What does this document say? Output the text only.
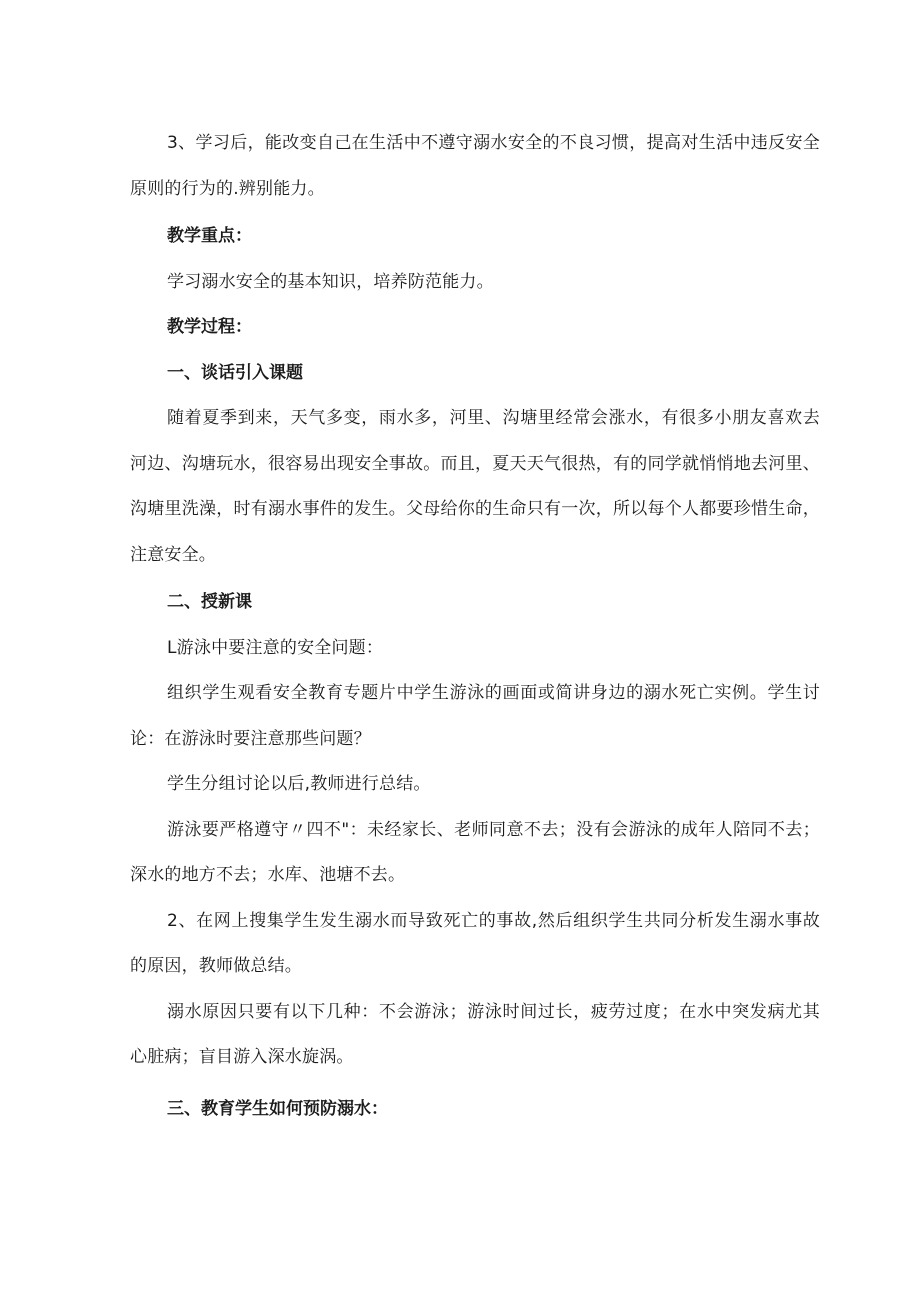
3、学习后，能改变自己在生活中不遵守溺水安全的不良习惯，提高对生活中违反安全原则的行为的.辨别能力。

教学重点：

学习溺水安全的基本知识，培养防范能力。

教学过程：

一、谈话引入课题

随着夏季到来，天气多变，雨水多，河里、沟塘里经常会涨水，有很多小朋友喜欢去河边、沟塘玩水，很容易出现安全事故。而且，夏天天气很热，有的同学就悄悄地去河里、沟塘里洗澡，时有溺水事件的发生。父母给你的生命只有一次，所以每个人都要珍惜生命，注意安全。

二、授新课

L游泳中要注意的安全问题：

组织学生观看安全教育专题片中学生游泳的画面或简讲身边的溺水死亡实例。学生讨论：在游泳时要注意那些问题？

学生分组讨论以后,教师进行总结。

游泳要严格遵守〃四不"：未经家长、老师同意不去；没有会游泳的成年人陪同不去；深水的地方不去；水库、池塘不去。

2、在网上搜集学生发生溺水而导致死亡的事故,然后组织学生共同分析发生溺水事故的原因，教师做总结。

溺水原因只要有以下几种：不会游泳；游泳时间过长，疲劳过度；在水中突发病尤其心脏病；盲目游入深水旋涡。

三、教育学生如何预防溺水：
